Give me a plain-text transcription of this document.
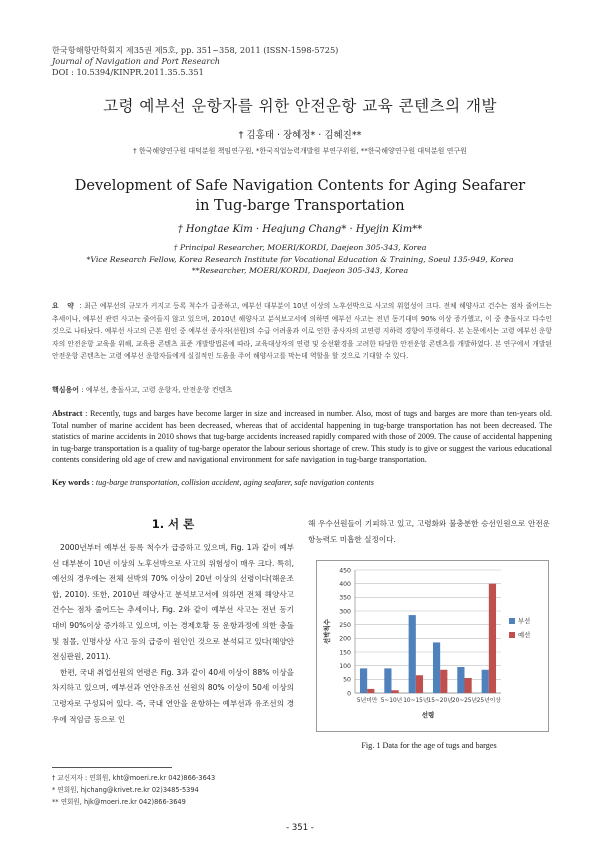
한국항해항만학회지 제35권 제5호, pp. 351~358, 2011 (ISSN-1598-5725)
Journal of Navigation and Port Research
DOI : 10.5394/KINPR.2011.35.5.351
고령 예부선 운항자를 위한 안전운항 교육 콘텐츠의 개발
† 김홍태 · 장혜정* · 김혜진**
† 한국해양연구원 대덕분원 책임연구원, *한국직업능력개발원 부연구위원, **한국해양연구원 대덕분원 연구원
Development of Safe Navigation Contents for Aging Seafarer
in Tug-barge Transportation
† Hongtae Kim · Heajung Chang* · Hyejin Kim**
† Principal Researcher, MOERI/KORDI, Daejeon 305-343, Korea
*Vice Research Fellow, Korea Research Institute for Vocational Education & Training, Soeul 135-949, Korea
**Researcher, MOERI/KORDI, Daejeon 305-343, Korea
요 약 : 최근 예부선의 규모가 커지고 등록 척수가 급증하고, 예부선 대부분이 10년 이상의 노후선박으로 사고의 위험성이 크다. 전체 해양사고 건수는 점차 줄어드는 추세이나, 예부선 관련 사고는 줄어들지 않고 있으며, 2010년 해양사고 분석보고서에 의하면 예부선 사고는 전년 동기대비 90% 이상 증가했고, 이 중 충돌사고 다수인 것으로 나타났다. 예부선 사고의 근본 원인 중 예부선 종사자(선원)의 수급 어려움과 이로 인한 종사자의 고연령 지하력 경향이 뚜렷하다. 본 논문에서는 고령 예부선 운항자의 안전운항 교육을 위해, 교육용 콘텐츠 표준 개발방법론에 따라, 교육대상자의 연령 및 승선환경을 고려한 타당한 안전운항 콘텐츠를 개발하였다. 본 연구에서 개발된 안전운항 콘텐츠는 고령 예부선 운항자들에게 실질적인 도움을 주어 해양사고를 막는데 역할을 할 것으로 기대할 수 있다.
핵심용어 : 예부선, 충돌사고, 고령 운항자, 안전운항 컨텐츠
Abstract : Recently, tugs and barges have become larger in size and increased in number. Also, most of tugs and barges are more than ten-years old. Total number of marine accident has been decreased, whereas that of accidental happening in tug-barge transportation has not been decreased. The statistics of marine accidents in 2010 shows that tug-barge accidents increased rapidly compared with those of 2009. The cause of accidental happening in tug-barge transportation is a quality of tug-barge operator the labour serious shortage of crew. This study is to give or suggest the various educational contents considering old age of crew and navigational environment for safe navigation in tug-barge transportation.
Key words : tug-barge transportation, collision accident, aging seafarer, safe navigation contents
1. 서 론

2000년부터 예부선 등록 척수가 급증하고 있으며, Fig. 1과 같이 예부선 대부분이 10년 이상의 노후선박으로 사고의 위험성이 매우 크다. 특히, 예선의 경우에는 전체 선박의 70% 이상이 20년 이상의 선령이다(해운조합, 2010). 또한, 2010년 해양사고 분석보고서에 의하면 전체 해양사고 건수는 점차 줄어드는 추세이나, Fig. 2와 같이 예부선 사고는 전년 동기대비 90%이상 증가하고 있으며, 이는 경제호황 등 운항과정에 의한 충돌 및 침몰, 인명사상 사고 등의 급증이 원인인 것으로 분석되고 있다(해양안전심판원, 2011).

한편, 국내 취업선원의 연령은 Fig. 3과 같이 40세 이상이 88% 이상을 차지하고 있으며, 예부선과 연안유조선 선원의 80% 이상이 50세 이상의 고령자로 구성되어 있다. 즉, 국내 연안을 운항하는 예부선과 유조선의 경우에 적임금 등으로 인

해 우수선원들이 기피하고 있고, 고령화와 불충분한 승선인원으로 안전운항능력도 미흡한 실정이다.
0
50
100
150
200
250
300
350
400
450
5년미만 5~10년 10~15년 15~20년 20~25년 25년이상
선령
선박척수	부선
예선
Fig. 1 Data for the age of tugs and barges
† 교신저자 : 연회원, kht@moeri.re.kr 042)866-3643
* 연회원, hjchang@krivet.re.kr 02)3485-5394
** 연회원, hjk@moeri.re.kr 042)866-3649
- 351 -
